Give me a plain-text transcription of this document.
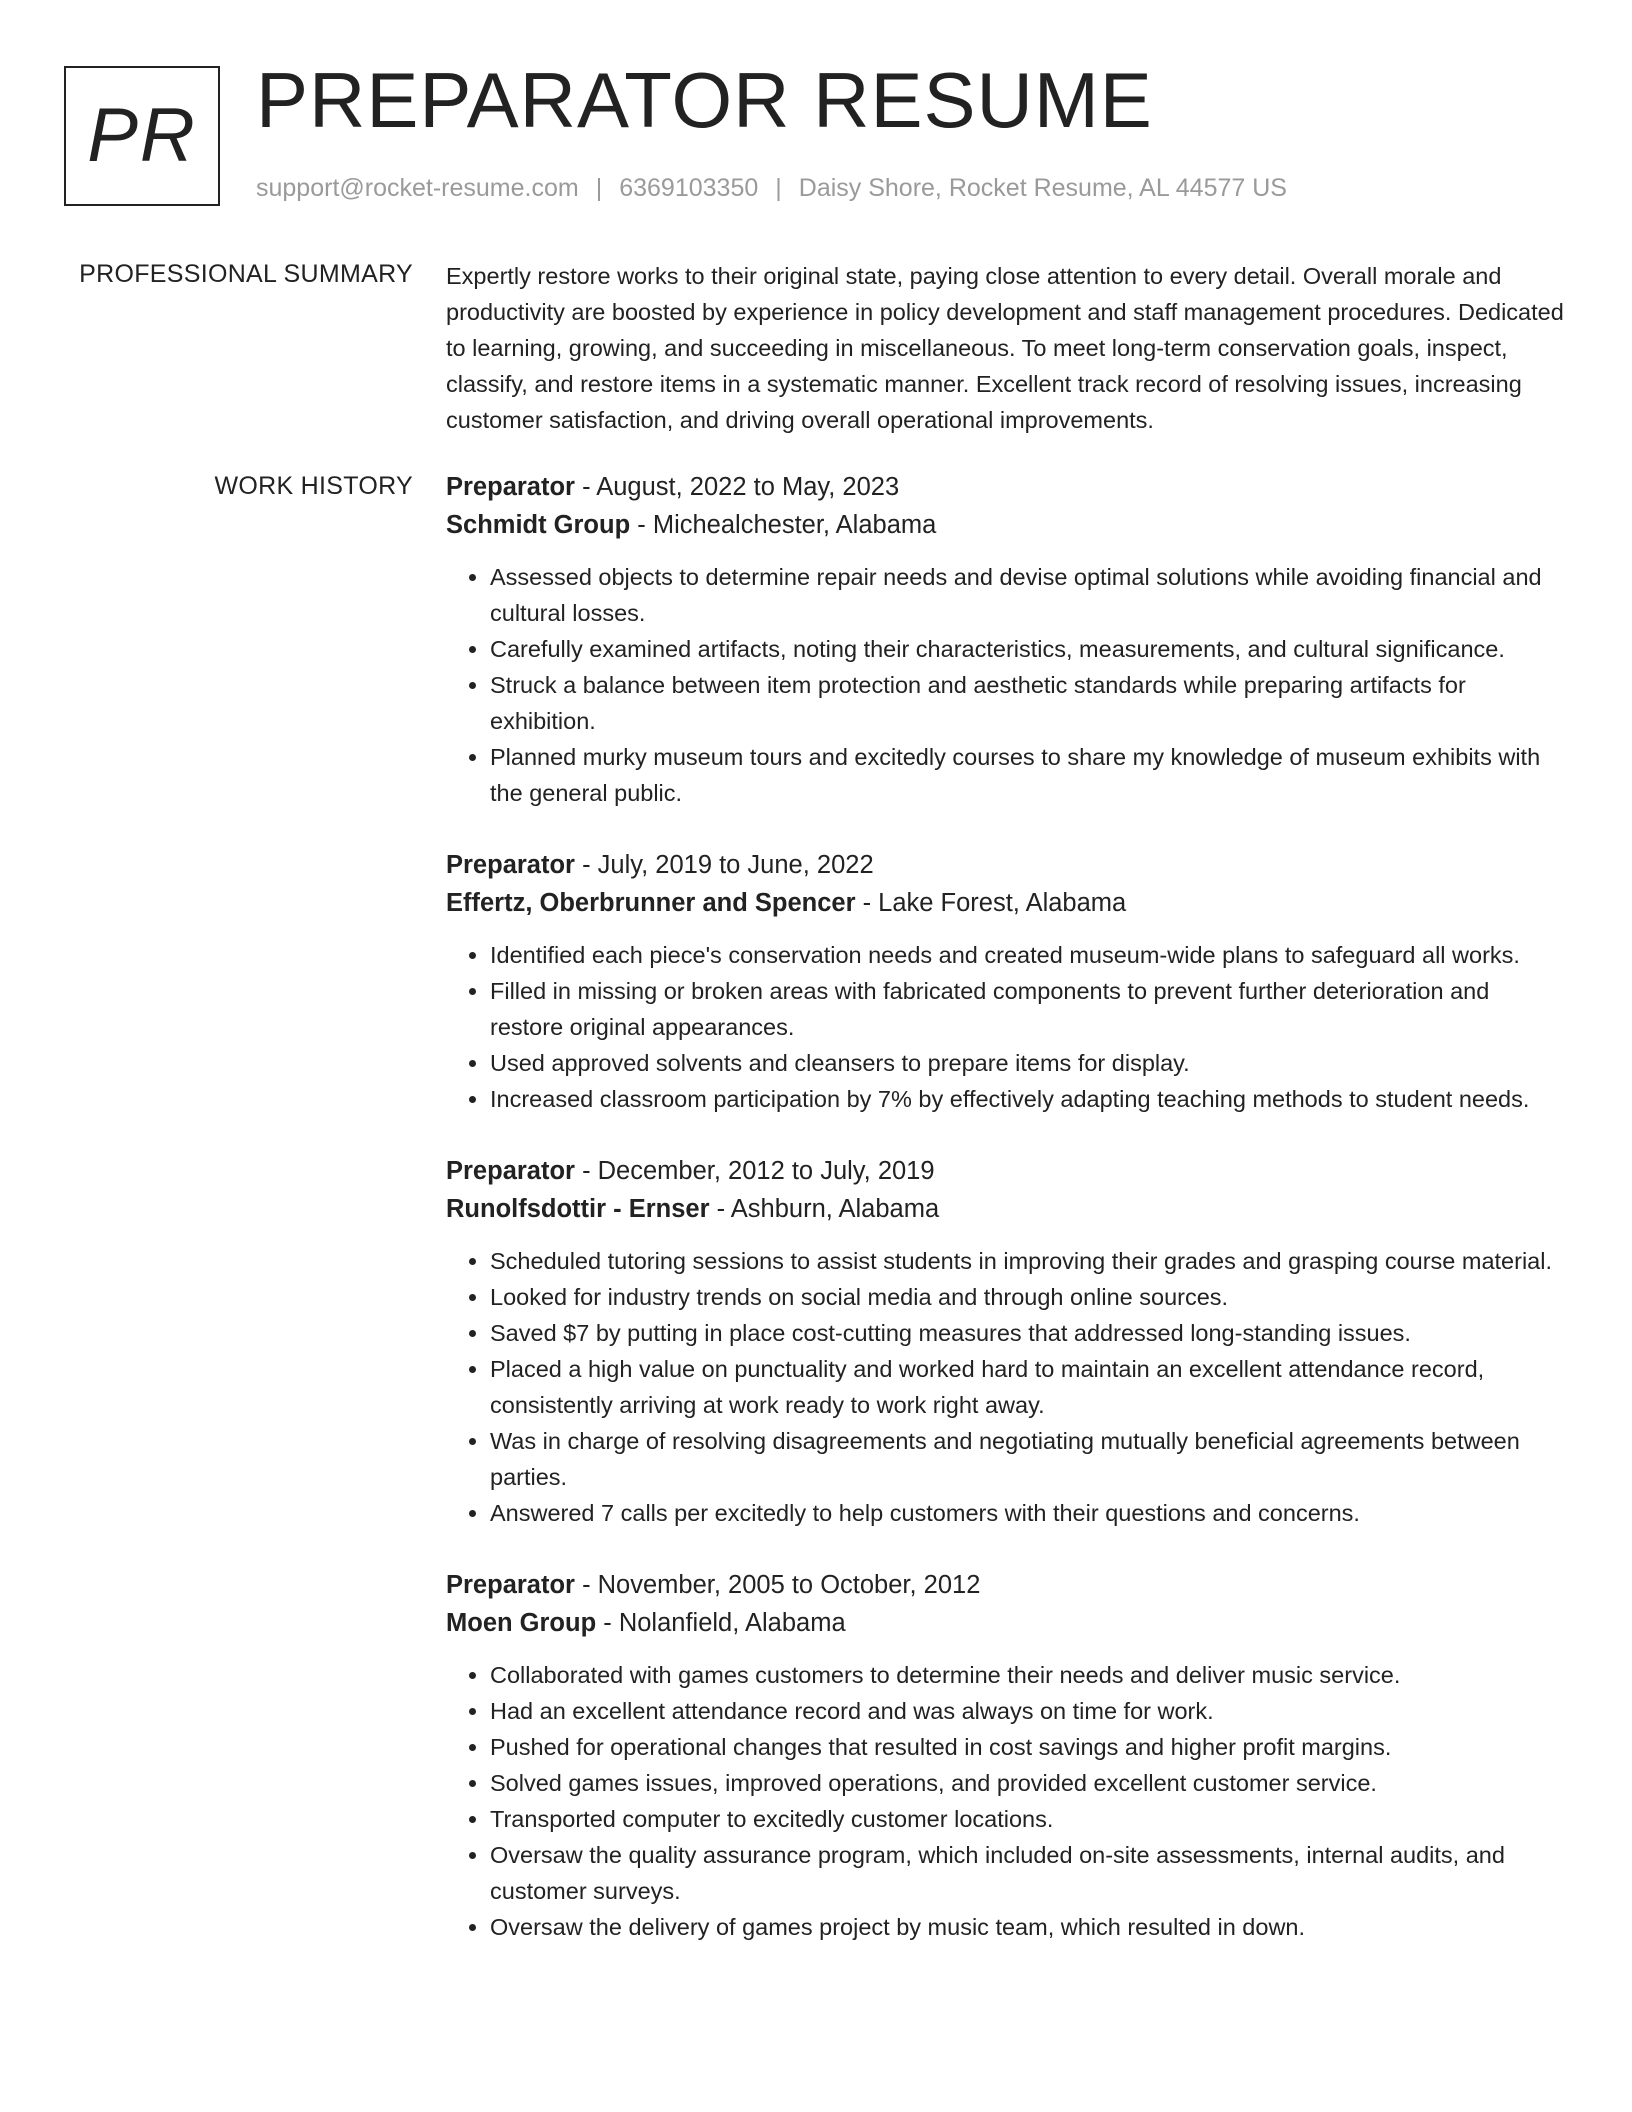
PR PREPARATOR RESUME
support@rocket-resume.com | 6369103350 | Daisy Shore, Rocket Resume, AL 44577 US
PROFESSIONAL SUMMARY Expertly restore works to their original state, paying close attention to every detail. Overall morale and productivity are boosted by experience in policy development and staff management procedures. Dedicated to learning, growing, and succeeding in miscellaneous. To meet long-term conservation goals, inspect, classify, and restore items in a systematic manner. Excellent track record of resolving issues, increasing customer satisfaction, and driving overall operational improvements.
WORK HISTORY Preparator - August, 2022 to May, 2023
Schmidt Group - Michealchester, Alabama
• Assessed objects to determine repair needs and devise optimal solutions while avoiding financial and cultural losses.
• Carefully examined artifacts, noting their characteristics, measurements, and cultural significance.
• Struck a balance between item protection and aesthetic standards while preparing artifacts for exhibition.
• Planned murky museum tours and excitedly courses to share my knowledge of museum exhibits with the general public.
Preparator - July, 2019 to June, 2022
Effertz, Oberbrunner and Spencer - Lake Forest, Alabama
• Identified each piece's conservation needs and created museum-wide plans to safeguard all works.
• Filled in missing or broken areas with fabricated components to prevent further deterioration and restore original appearances.
• Used approved solvents and cleansers to prepare items for display.
• Increased classroom participation by 7% by effectively adapting teaching methods to student needs.
Preparator - December, 2012 to July, 2019
Runolfsdottir - Ernser - Ashburn, Alabama
• Scheduled tutoring sessions to assist students in improving their grades and grasping course material.
• Looked for industry trends on social media and through online sources.
• Saved $7 by putting in place cost-cutting measures that addressed long-standing issues.
• Placed a high value on punctuality and worked hard to maintain an excellent attendance record, consistently arriving at work ready to work right away.
• Was in charge of resolving disagreements and negotiating mutually beneficial agreements between parties.
• Answered 7 calls per excitedly to help customers with their questions and concerns.
Preparator - November, 2005 to October, 2012
Moen Group - Nolanfield, Alabama
• Collaborated with games customers to determine their needs and deliver music service.
• Had an excellent attendance record and was always on time for work.
• Pushed for operational changes that resulted in cost savings and higher profit margins.
• Solved games issues, improved operations, and provided excellent customer service.
• Transported computer to excitedly customer locations.
• Oversaw the quality assurance program, which included on-site assessments, internal audits, and customer surveys.
• Oversaw the delivery of games project by music team, which resulted in down.
